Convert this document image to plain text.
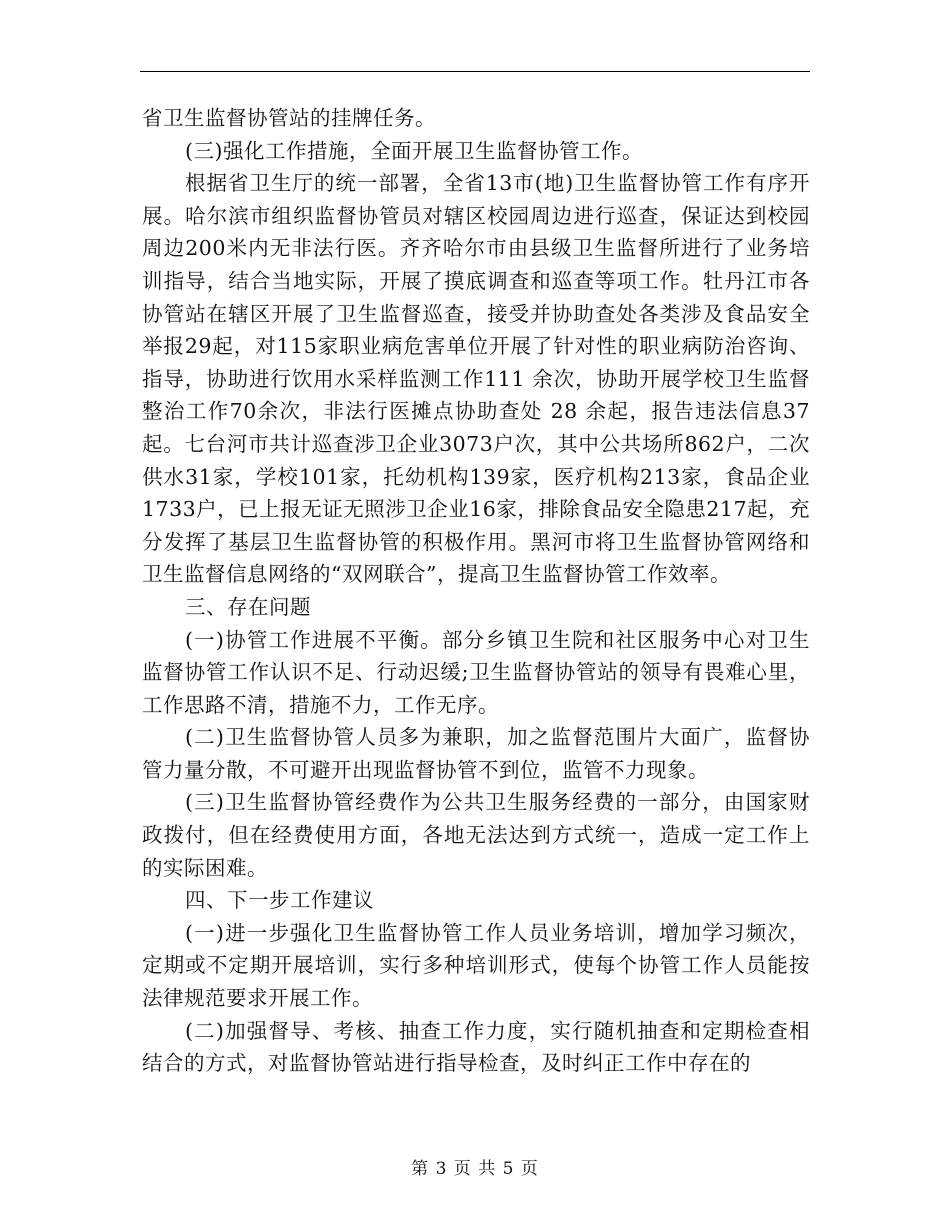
省卫生监督协管站的挂牌任务。

(三)强化工作措施，全面开展卫生监督协管工作。

根据省卫生厅的统一部署，全省13市(地)卫生监督协管工作有序开展。哈尔滨市组织监督协管员对辖区校园周边进行巡查，保证达到校园周边200米内无非法行医。齐齐哈尔市由县级卫生监督所进行了业务培训指导，结合当地实际，开展了摸底调查和巡查等项工作。牡丹江市各协管站在辖区开展了卫生监督巡查，接受并协助查处各类涉及食品安全举报29起，对115家职业病危害单位开展了针对性的职业病防治咨询、指导，协助进行饮用水采样监测工作111 余次，协助开展学校卫生监督整治工作70余次，非法行医摊点协助查处 28 余起，报告违法信息37起。七台河市共计巡查涉卫企业3073户次，其中公共场所862户，二次供水31家，学校101家，托幼机构139家，医疗机构213家，食品企业1733户，已上报无证无照涉卫企业16家，排除食品安全隐患217起，充分发挥了基层卫生监督协管的积极作用。黑河市将卫生监督协管网络和卫生监督信息网络的“双网联合”，提高卫生监督协管工作效率。

三、存在问题

(一)协管工作进展不平衡。部分乡镇卫生院和社区服务中心对卫生监督协管工作认识不足、行动迟缓;卫生监督协管站的领导有畏难心里，工作思路不清，措施不力，工作无序。

(二)卫生监督协管人员多为兼职，加之监督范围片大面广，监督协管力量分散，不可避开出现监督协管不到位，监管不力现象。

(三)卫生监督协管经费作为公共卫生服务经费的一部分，由国家财政拨付，但在经费使用方面，各地无法达到方式统一，造成一定工作上的实际困难。

四、下一步工作建议

(一)进一步强化卫生监督协管工作人员业务培训，增加学习频次，定期或不定期开展培训，实行多种培训形式，使每个协管工作人员能按法律规范要求开展工作。

(二)加强督导、考核、抽查工作力度，实行随机抽查和定期检查相结合的方式，对监督协管站进行指导检查，及时纠正工作中存在的

第 3 页 共 5 页
